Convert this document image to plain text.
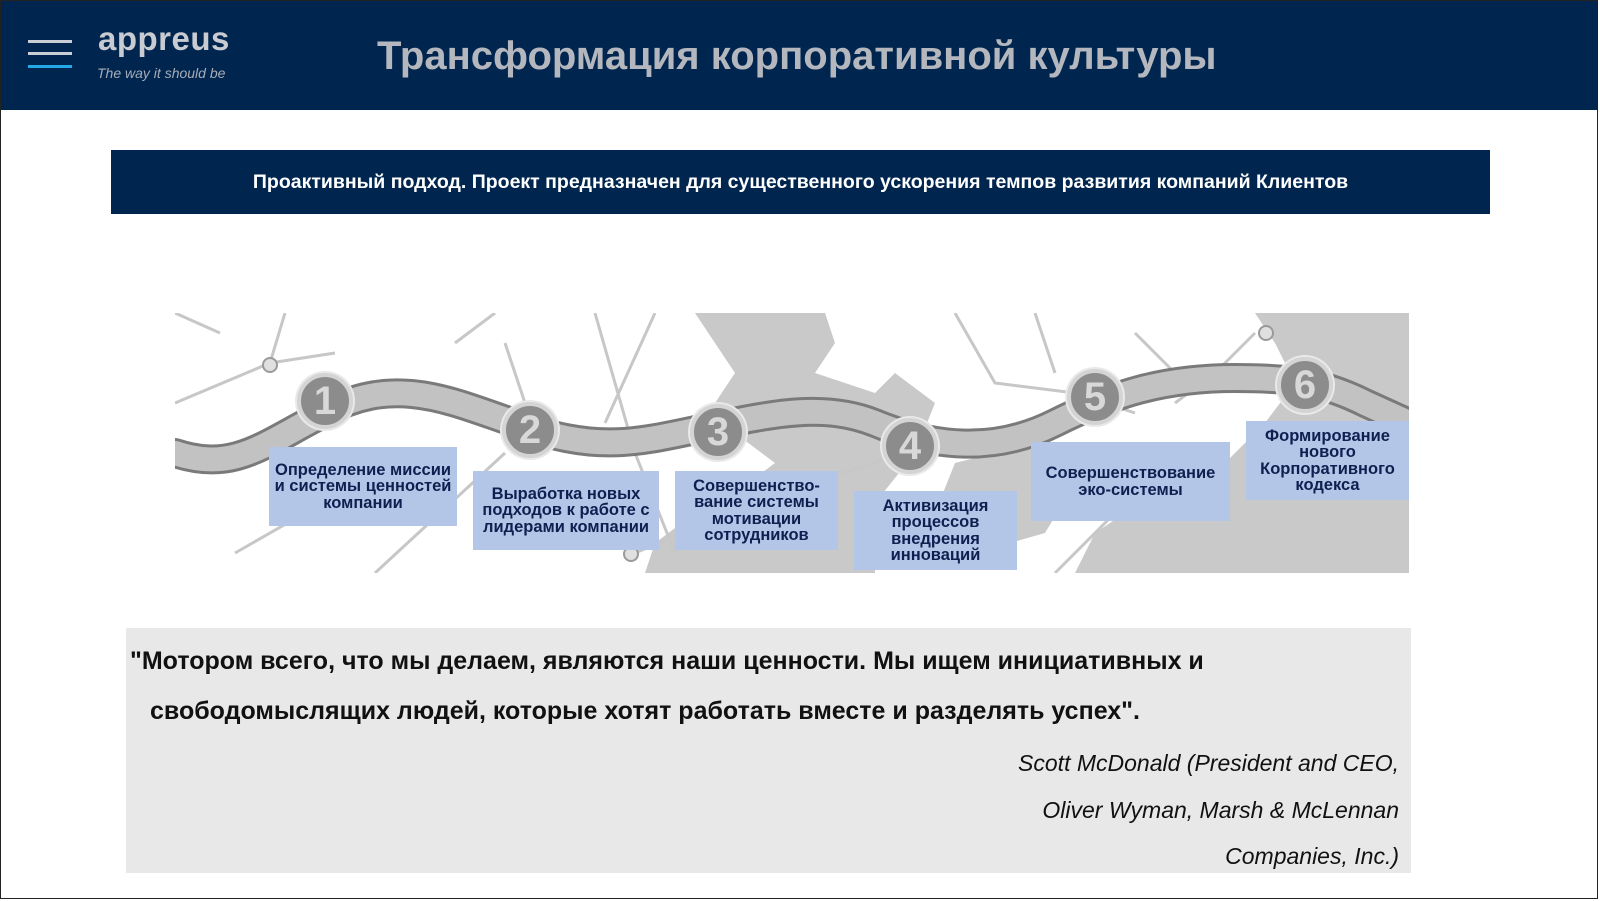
appreus
The way it should be	Трансформация корпоративной культуры
Проактивный подход. Проект предназначен для существенного ускорения темпов развития компаний Клиентов
1
2	3	4
5	6
Определение миссии и системы ценностей компании	Выработка новых подходов к работе с лидерами компании
Совершенство-вание системы мотивации сотрудников
Активизация процессов внедрения инноваций
Совершенствование эко-системы
Формирование нового Корпоративного кодекса
"Мотором всего, что мы делаем, являются наши ценности. Мы ищем инициативных и
свободомыслящих людей, которые хотят работать вместе и разделять успех".
Scott McDonald (President and CEO,
Oliver Wyman, Marsh & McLennan
Companies, Inc.)
